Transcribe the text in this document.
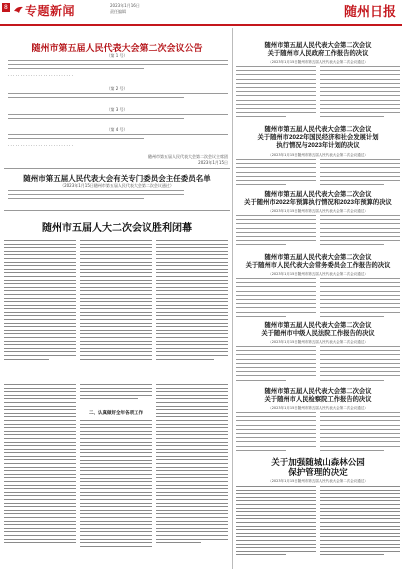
8 专题新闻	2023年1月16日
责任编辑	随州日报
随州市第五届人民代表大会第二次会议公告
（第 1 号）
· · · · · · · · · · · · · · · · · · · · · · · · · ·
（第 2 号）
（第 3 号）
（第 4 号）
· · · · · · · · · · · · · · · · · · · · · · · · · ·
随州市第五届人民代表大会第二次会议主席团
2023年1月15日
随州市第五届人民代表大会有关专门委员会主任委员名单
（2023年1月15日随州市第五届人民代表大会第二次会议通过）
随州市五届人大二次会议胜利闭幕
二、认真做好全年各项工作
随州市第五届人民代表大会第二次会议
关于随州市人民政府工作报告的决议
（2023年1月15日随州市第五届人民代表大会第二次会议通过）
随州市第五届人民代表大会第二次会议
关于随州市2022年国民经济和社会发展计划
执行情况与2023年计划的决议
（2023年1月15日随州市第五届人民代表大会第二次会议通过）
随州市第五届人民代表大会第二次会议
关于随州市2022年预算执行情况和2023年预算的决议
（2023年1月15日随州市第五届人民代表大会第二次会议通过）
随州市第五届人民代表大会第二次会议
关于随州市人民代表大会常务委员会工作报告的决议
（2023年1月15日随州市第五届人民代表大会第二次会议通过）
随州市第五届人民代表大会第二次会议
关于随州市中级人民法院工作报告的决议
（2023年1月15日随州市第五届人民代表大会第二次会议通过）
随州市第五届人民代表大会第二次会议
关于随州市人民检察院工作报告的决议
（2023年1月15日随州市第五届人民代表大会第二次会议通过）
关于加强随城山森林公园
保护管理的决定
（2023年1月15日随州市第五届人民代表大会第二次会议通过）
